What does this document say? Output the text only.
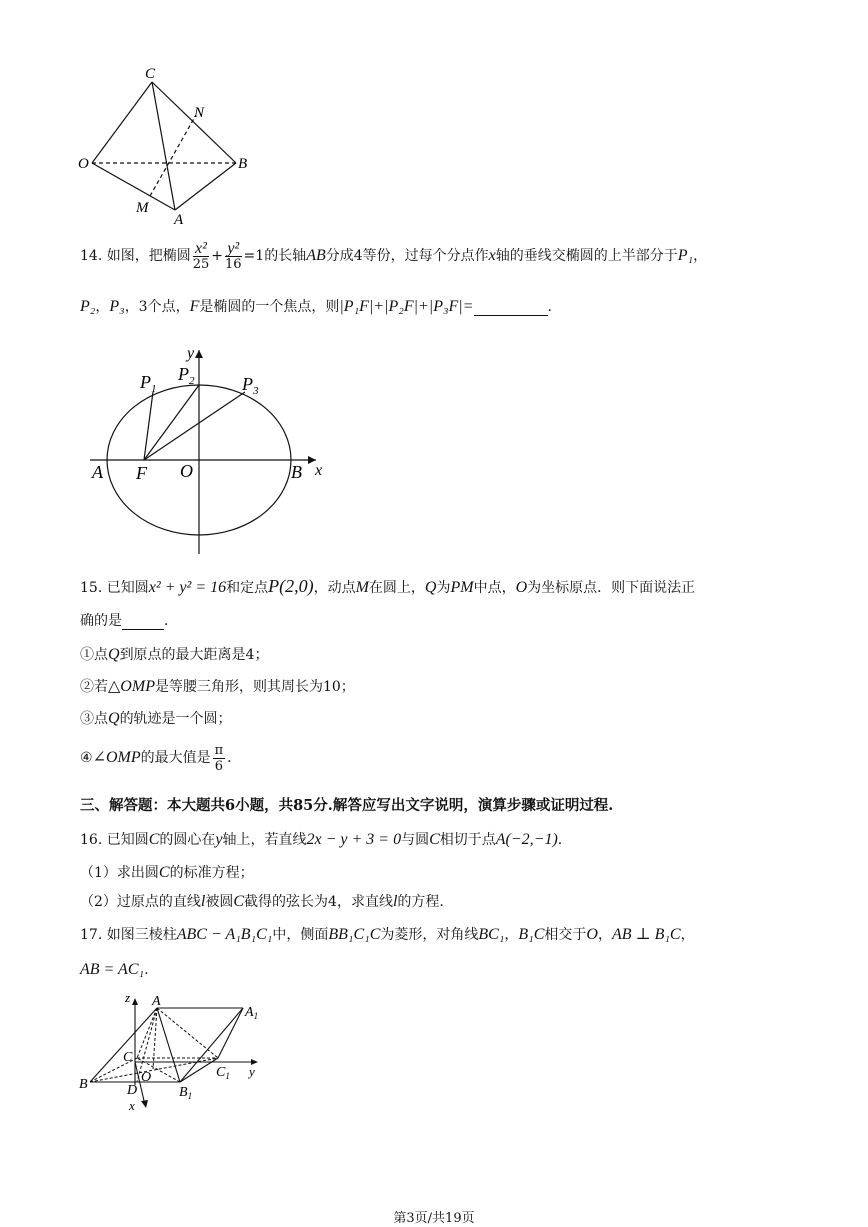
C
N
O	B
M
A
14. 如图，把椭圆 $\frac{\text{x²}}{25} + \frac{\text{y²}}{16} =1$的长轴AB分成4等份，过每个分点作x轴的垂线交椭圆的上半部分于P₁，
P₂，P₃，3个点，F是椭圆的一个焦点，则|P₁F|+|P₂F|+|P₃F|=	.
y
$P_1$
$P_2$	$P_3$
A F O	B x
15. 已知圆x² + y² = 16和定点P(2,0)，动点M在圆上，Q为PM中点，O为坐标原点．则下面说法正
确的是	．
①点Q到原点的最大距离是4；
②若△OMP是等腰三角形，则其周长为10；
③点Q的轨迹是一个圆；
④∠OMP的最大值是 $\frac{\pi}{6}$ ．
三、解答题：本大题共6小题，共85分.解答应写出文字说明，演算步骤或证明过程.
16. 已知圆C的圆心在y轴上，若直线2x − y + 3 = 0与圆C相切于点A(−2,−1).
（1）求出圆C的标准方程；
（2）过原点的直线l被圆C截得的弦长为4，求直线l的方程.
17. 如图三棱柱ABC − A₁B₁C₁中，侧面BB₁C₁C为菱形，对角线BC₁，B₁C相交于O，AB ⊥ B₁C，
AB = AC₁.
z A
$A_1$
C
O	$C_1$ y
B	D	$B_1$
x
第3页/共19页
